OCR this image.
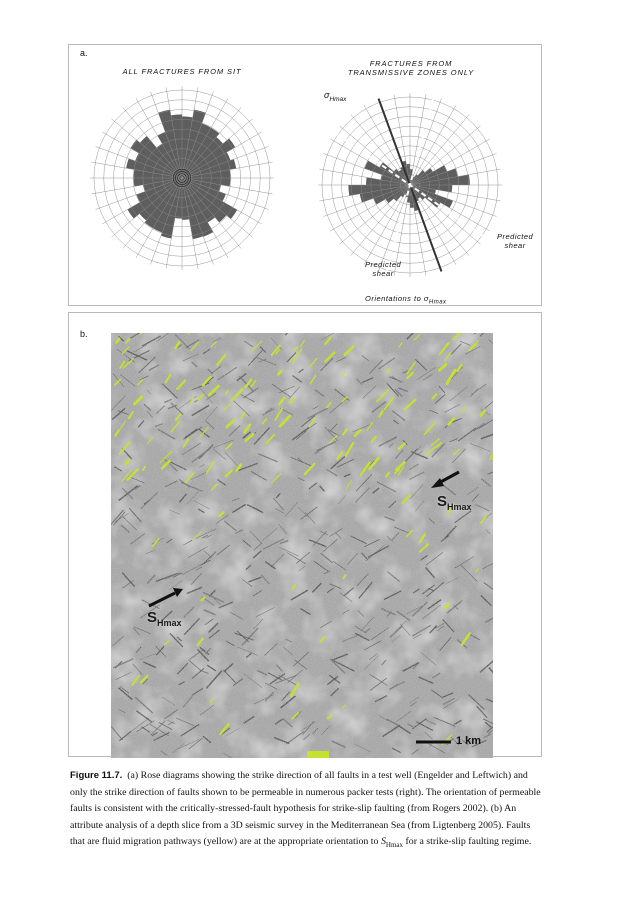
a.
ALL FRACTURES FROM SIT
FRACTURES FROM
TRANSMISSIVE ZONES ONLY
$\sigma_{Hmax}$
Predicted
shear
Predicted
shear
Orientations to $\sigma_{Hmax}$
b.
$S_{Hmax}$
$S_{Hmax}$
1 km
Figure 11.7. (a) Rose diagrams showing the strike direction of all faults in a test well (Engelder and Leftwich) and only the strike direction of faults shown to be permeable in numerous packer tests (right). The orientation of permeable faults is consistent with the critically-stressed-fault hypothesis for strike-slip faulting (from Rogers 2002). (b) An attribute analysis of a depth slice from a 3D seismic survey in the Mediterranean Sea (from Ligtenberg 2005). Faults that are fluid migration pathways (yellow) are at the appropriate orientation to $S_{Hmax}$ for a strike-slip faulting regime.
